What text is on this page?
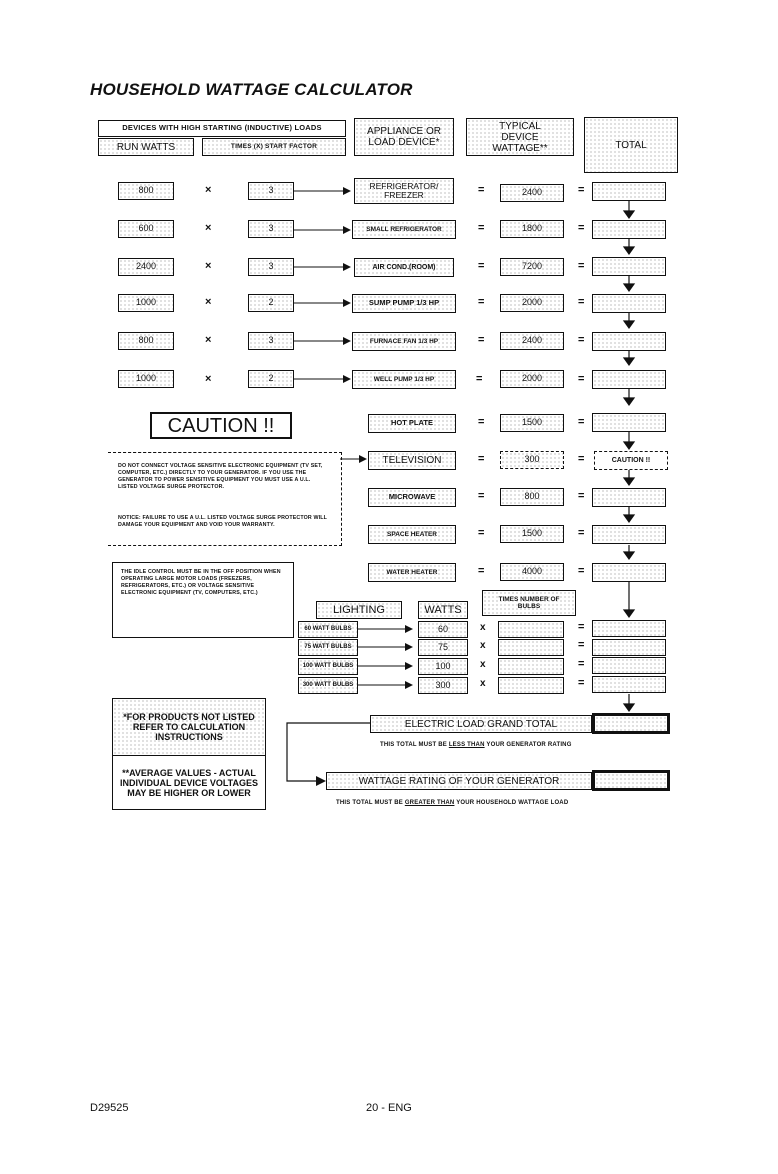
HOUSEHOLD WATTAGE CALCULATOR
DEVICES WITH HIGH STARTING (INDUCTIVE) LOADS
RUN WATTS	TIMES (X) START FACTOR
APPLIANCE OR LOAD DEVICE*
TYPICAL DEVICE WATTAGE**	TOTAL
800	×	3	REFRIGERATOR/ FREEZER	=	2400	=
600	×	3	SMALL REFRIGERATOR	=	1800	=
2400	×	3	AIR COND.(ROOM)	=	7200	=
1000	×	2	SUMP PUMP 1/3 HP	=	2000	=
800	×	3	FURNACE FAN 1/3 HP	=	2400	=
1000	×	2	WELL PUMP 1/3 HP	=	2000	=
CAUTION !!
DO NOT CONNECT VOLTAGE SENSITIVE ELECTRONIC EQUIPMENT (TV SET, COMPUTER, ETC.) DIRECTLY TO YOUR GENERATOR. IF YOU USE THE GENERATOR TO POWER SENSITIVE EQUIPMENT YOU MUST USE A U.L. LISTED VOLTAGE SURGE PROTECTOR.
NOTICE: FAILURE TO USE A U.L. LISTED VOLTAGE SURGE PROTECTOR WILL DAMAGE YOUR EQUIPMENT AND VOID YOUR WARRANTY.
THE IDLE CONTROL MUST BE IN THE OFF POSITION WHEN OPERATING LARGE MOTOR LOADS (FREEZERS, REFRIGERATORS, ETC.) OR VOLTAGE SENSITIVE ELECTRONIC EQUIPMENT (TV, COMPUTERS, ETC.)
HOT PLATE	=	1500	=
TELEVISION	=	300	=	CAUTION !!
MICROWAVE	=	800	=
SPACE HEATER	=	1500	=
WATER HEATER	=	4000	=
LIGHTING	WATTS
TIMES NUMBER OF BULBS
60 WATT BULBS	60	x	=
75 WATT BULBS	75	x	=
100 WATT BULBS	100	x	=
300 WATT BULBS	300	x	=
*FOR PRODUCTS NOT LISTED REFER TO CALCULATION INSTRUCTIONS
**AVERAGE VALUES - ACTUAL INDIVIDUAL DEVICE VOLTAGES MAY BE HIGHER OR LOWER
ELECTRIC LOAD GRAND TOTAL
THIS TOTAL MUST BE LESS THAN YOUR GENERATOR RATING
WATTAGE RATING OF YOUR GENERATOR
THIS TOTAL MUST BE GREATER THAN YOUR HOUSEHOLD WATTAGE LOAD
D29525	20 - ENG
